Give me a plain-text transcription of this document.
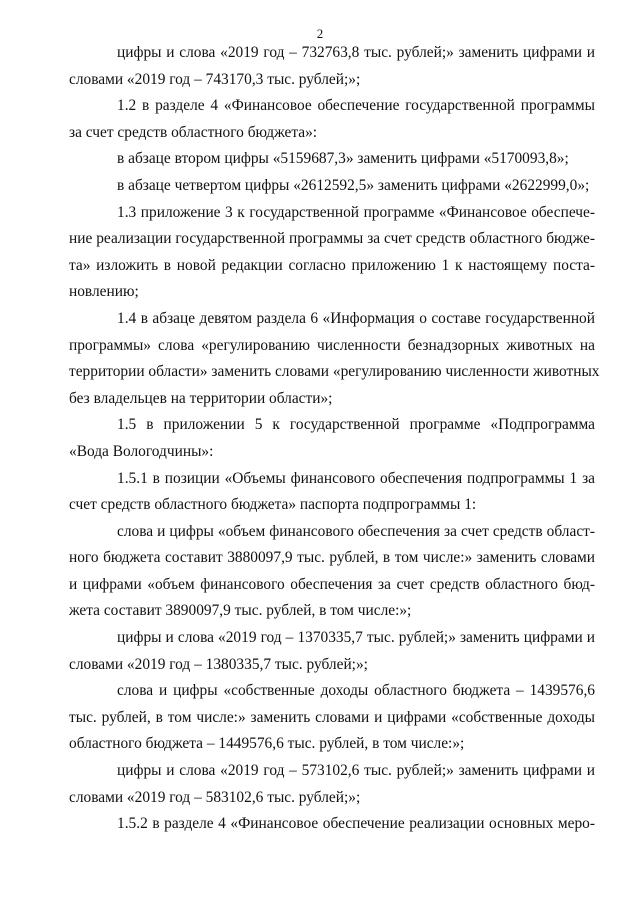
2
цифры и слова «2019 год – 732763,8 тыс. рублей;» заменить цифрами и
словами «2019 год – 743170,3 тыс. рублей;»;
1.2 в разделе 4 «Финансовое обеспечение государственной программы
за счет средств областного бюджета»:
в абзаце втором цифры «5159687,3» заменить цифрами «5170093,8»;
в абзаце четвертом цифры «2612592,5» заменить цифрами «2622999,0»;
1.3 приложение 3 к государственной программе «Финансовое обеспече-
ние реализации государственной программы за счет средств областного бюдже-
та» изложить в новой редакции согласно приложению 1 к настоящему поста-
новлению;
1.4 в абзаце девятом раздела 6 «Информация о составе государственной
программы» слова «регулированию численности безнадзорных животных на
территории области» заменить словами «регулированию численности животных
без владельцев на территории области»;
1.5 в приложении 5 к государственной программе «Подпрограмма
«Вода Вологодчины»:
1.5.1 в позиции «Объемы финансового обеспечения подпрограммы 1 за
счет средств областного бюджета» паспорта подпрограммы 1:
слова и цифры «объем финансового обеспечения за счет средств област-
ного бюджета составит 3880097,9 тыс. рублей, в том числе:» заменить словами
и цифрами «объем финансового обеспечения за счет средств областного бюд-
жета составит 3890097,9 тыс. рублей, в том числе:»;
цифры и слова «2019 год – 1370335,7 тыс. рублей;» заменить цифрами и
словами «2019 год – 1380335,7 тыс. рублей;»;
слова и цифры «собственные доходы областного бюджета – 1439576,6
тыс. рублей, в том числе:» заменить словами и цифрами «собственные доходы
областного бюджета – 1449576,6 тыс. рублей, в том числе:»;
цифры и слова «2019 год – 573102,6 тыс. рублей;» заменить цифрами и
словами «2019 год – 583102,6 тыс. рублей;»;
1.5.2 в разделе 4 «Финансовое обеспечение реализации основных меро-
